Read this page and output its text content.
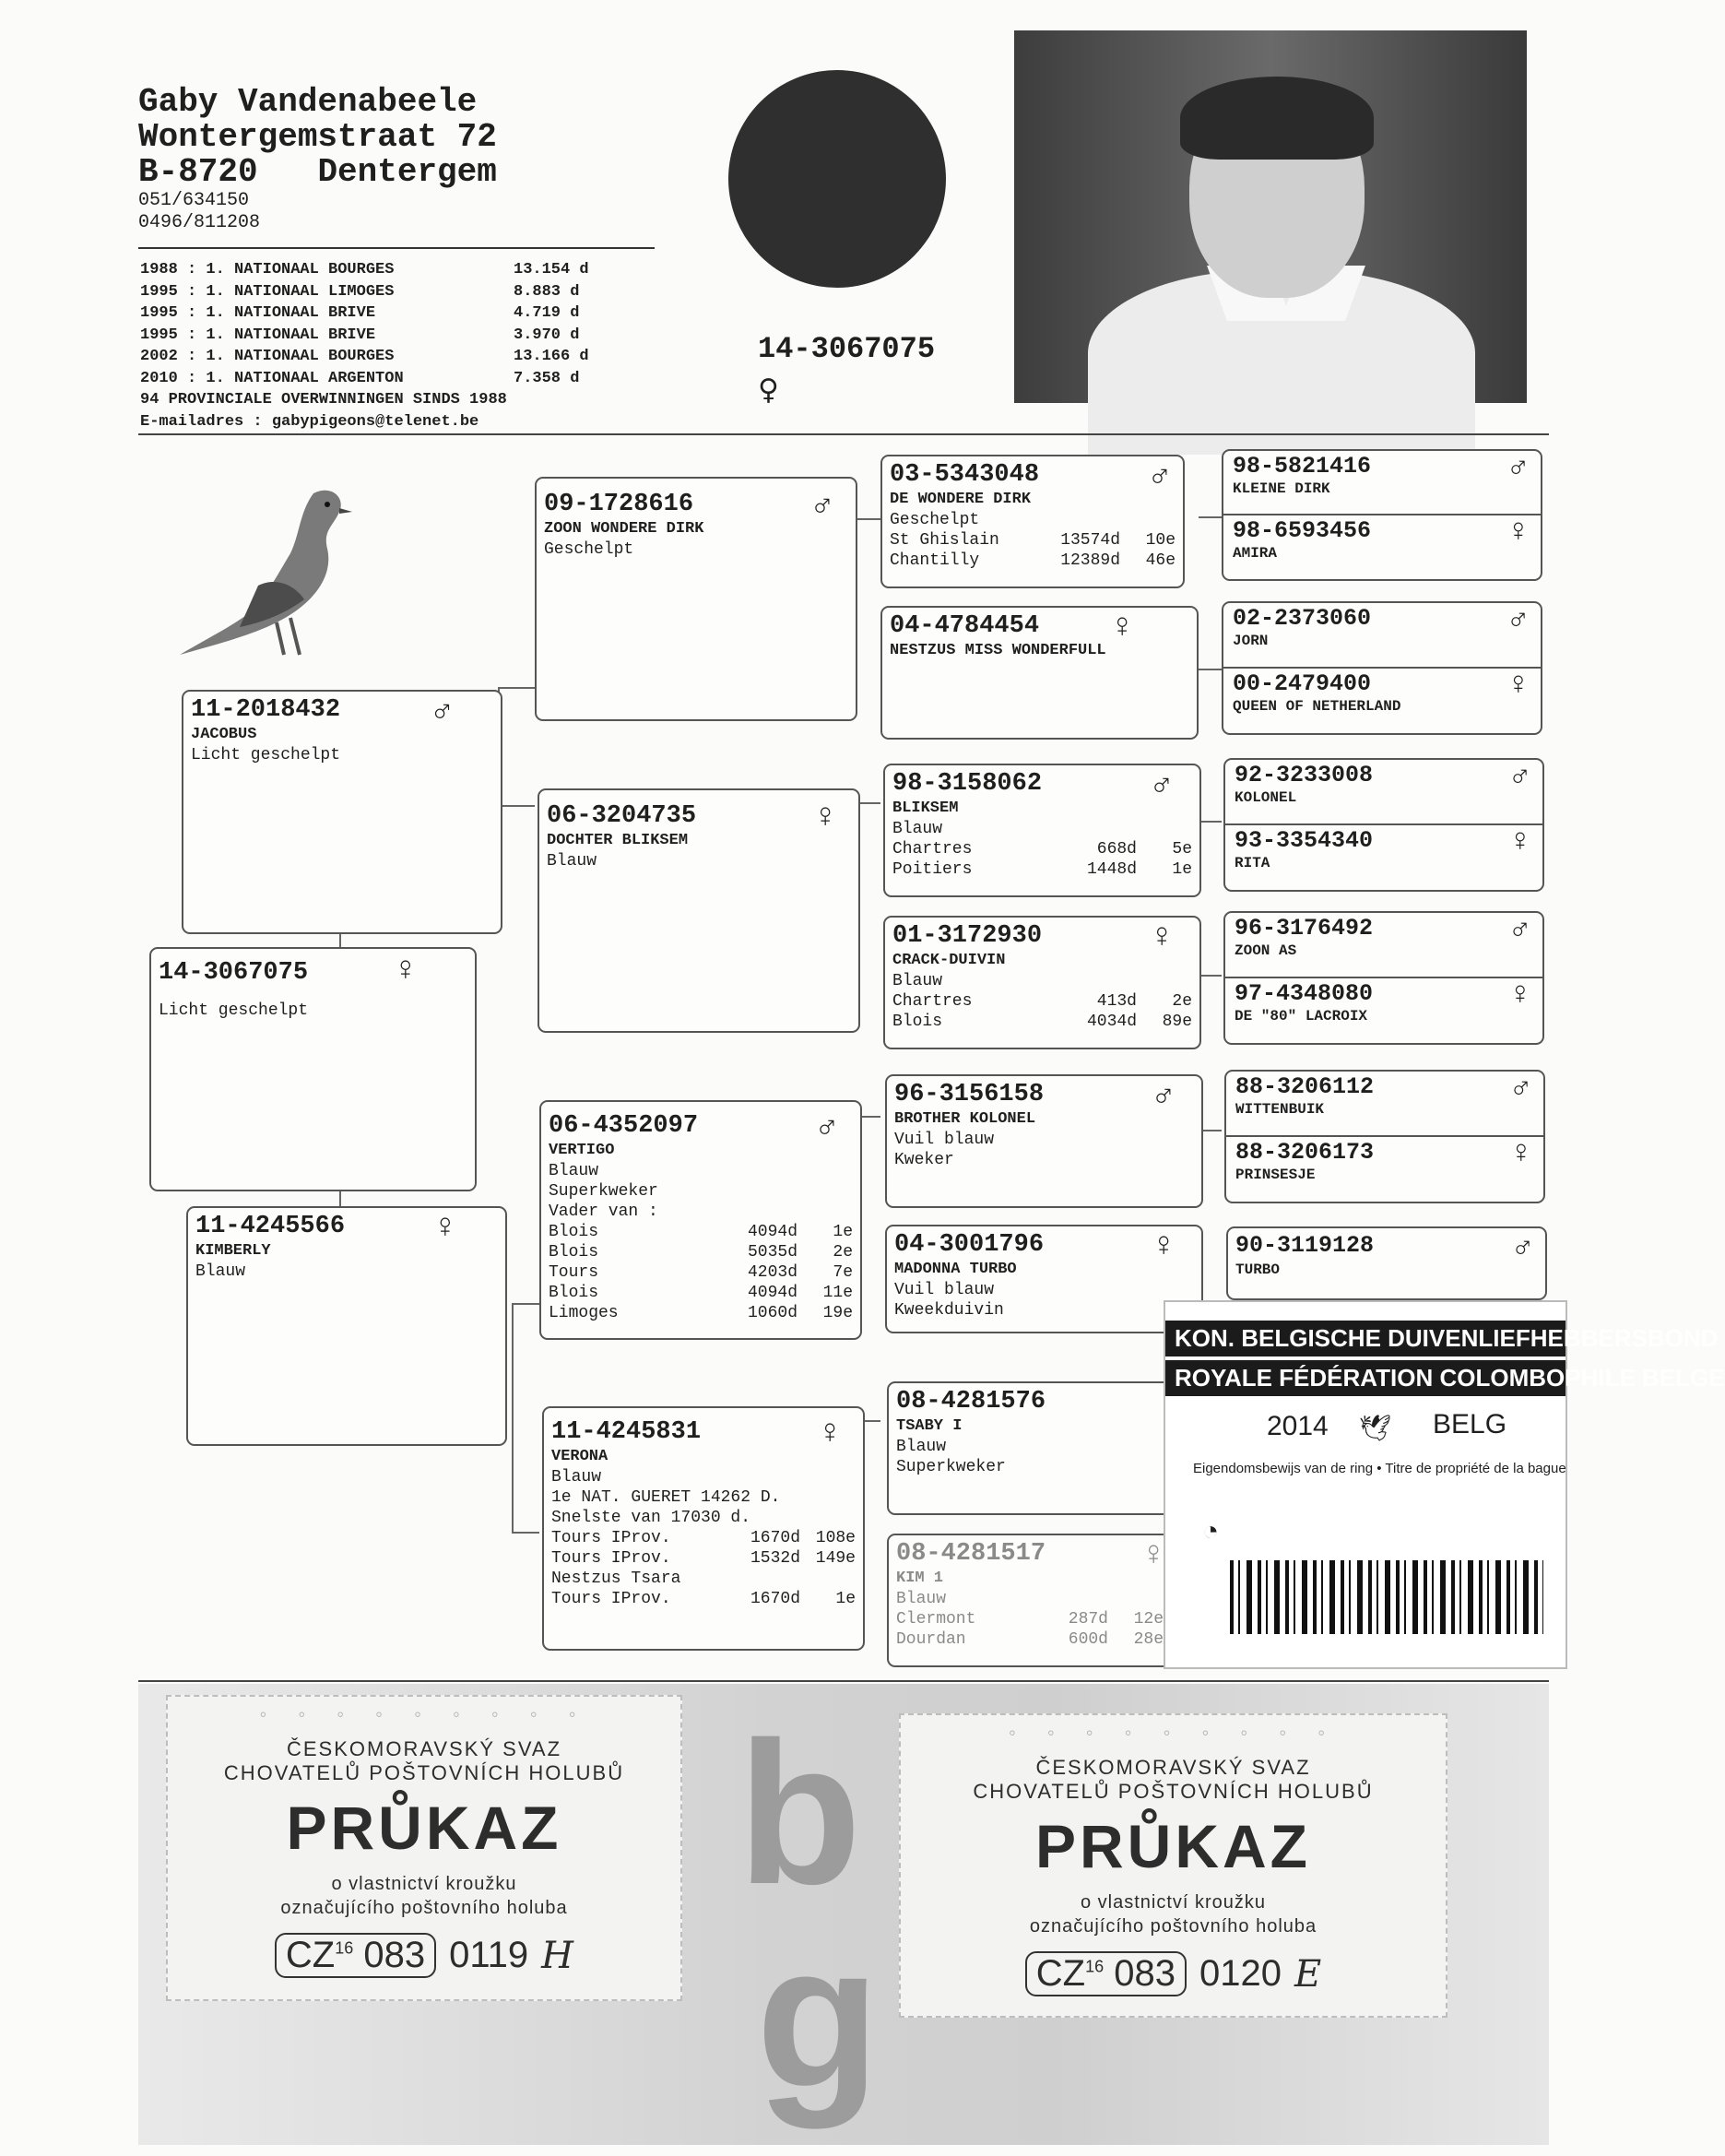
Gaby Vandenabeele
Wontergemstraat 72
B-8720 Dentergem
051/634150
0496/811208
1988 : 1. NATIONAAL BOURGES	13.154 d
1995 : 1. NATIONAAL LIMOGES	8.883 d
1995 : 1. NATIONAAL BRIVE	4.719 d
1995 : 1. NATIONAAL BRIVE	3.970 d
2002 : 1. NATIONAAL BOURGES	13.166 d
2010 : 1. NATIONAAL ARGENTON	7.358 d
94 PROVINCIALE OVERWINNINGEN SINDS 1988
E-mailadres : gabypigeons@telenet.be
14-3067075
♀
11-2018432	♂
JACOBUS
Licht geschelpt
14-3067075	♀
Licht geschelpt
11-4245566	♀
KIMBERLY
Blauw
09-1728616	♂
ZOON WONDERE DIRK
Geschelpt
06-3204735	♀
DOCHTER BLIKSEM
Blauw
06-4352097	♂
VERTIGO
Blauw
Superkweker
Vader van :
Blois	4094d	1e
Blois	5035d	2e
Tours	4203d	7e
Blois	4094d	11e
Limoges	1060d	19e
11-4245831	♀
VERONA
Blauw
1e NAT. GUERET 14262 D.
Snelste van 17030 d.
Tours IProv.	1670d 108e
Tours IProv.	1532d 149e
Nestzus Tsara
Tours IProv.	1670d	1e
03-5343048	♂
DE WONDERE DIRK
Geschelpt
St Ghislain	13574d	10e
Chantilly	12389d	46e
04-4784454	♀
NESTZUS MISS WONDERFULL
98-3158062	♂
BLIKSEM
Blauw
Chartres	668d	5e
Poitiers	1448d	1e
01-3172930	♀
CRACK-DUIVIN
Blauw
Chartres	413d	2e
Blois	4034d	89e
96-3156158	♂
BROTHER KOLONEL
Vuil blauw
Kweker
04-3001796	♀
MADONNA TURBO
Vuil blauw
Kweekduivin
08-4281576
TSABY I
Blauw
Superkweker
08-4281517	♀
KIM 1
Blauw
Clermont	287d	12e
Dourdan	600d	28e
98-5821416	♂
KLEINE DIRK
98-6593456	♀
AMIRA
02-2373060	♂
JORN
00-2479400	♀
QUEEN OF NETHERLAND
92-3233008	♂
KOLONEL
93-3354340	♀
RITA
96-3176492	♂
ZOON AS
97-4348080	♀
DE "80" LACROIX
88-3206112	♂
WITTENBUIK
88-3206173	♀
PRINSESJE
90-3119128	♂
TURBO
KON. BELGISCHE DUIVENLIEFHEBBERSBOND
ROYALE FÉDÉRATION COLOMBOPHILE BELGE
2014 🕊 BELG
Eigendomsbewijs van de ring • Titre de propriété de la bague
◔
b
g
◦ ◦ ◦ ◦ ◦ ◦ ◦ ◦ ◦
ČESKOMORAVSKÝ SVAZ
CHOVATELŮ POŠTOVNÍCH HOLUBŮ
PRŮKAZ
o vlastnictví kroužku
označujícího poštovního holuba
CZ$^{16}$ 083 0119 H
◦ ◦ ◦ ◦ ◦ ◦ ◦ ◦ ◦
ČESKOMORAVSKÝ SVAZ
CHOVATELŮ POŠTOVNÍCH HOLUBŮ
PRŮKAZ
o vlastnictví kroužku
označujícího poštovního holuba
CZ$^{16}$ 083 0120 E
